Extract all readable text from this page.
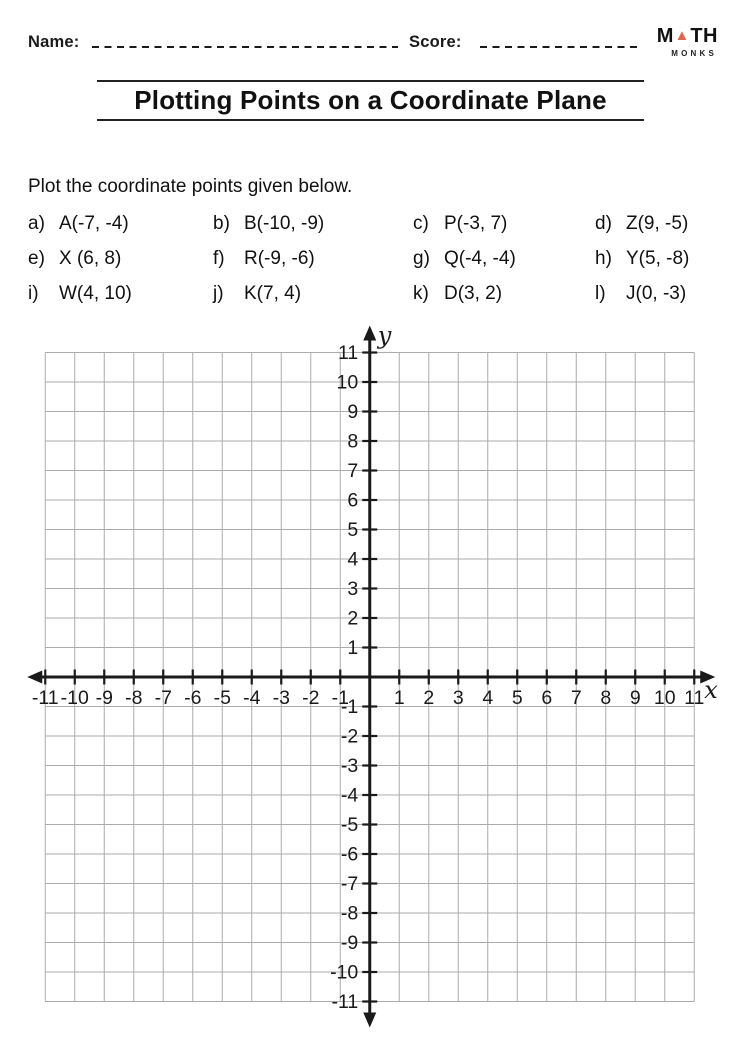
Name:	Score:	M ▲ TH
MONKS
Plotting Points on a Coordinate Plane
Plot the coordinate points given below.
a) A(-7, -4)	b) B(-10, -9)	c) P(-3, 7)	d) Z(9, -5)
e) X (6, 8)	f) R(-9, -6)	g) Q(-4, -4)	h) Y(5, -8)
i) W(4, 10)	j) K(7, 4)	k) D(3, 2)	l) J(0, -3)
-11 -10 -9 -8 -7 -6 -5 -4 -3 -2 -1 1 2 3 4 5 6 7 8 9 10 11
-11
-10
-9
-8
-7
-6
-5
-4
-3
-2
-1
1
2
3
4
5
6
7
8
9
10
11
x
y
